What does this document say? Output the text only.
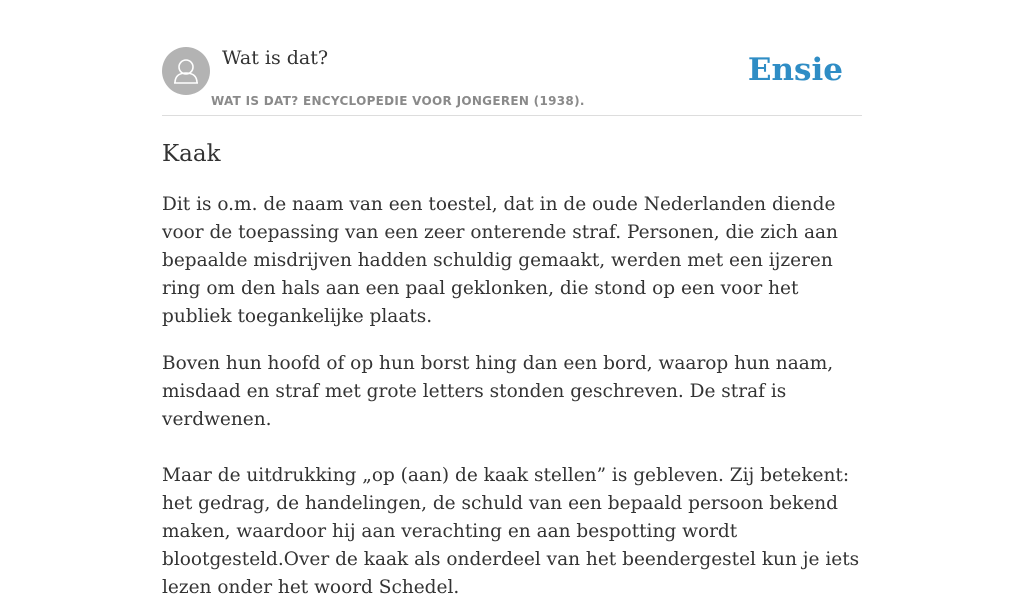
Wat is dat?
WAT IS DAT? ENCYCLOPEDIE VOOR JONGEREN (1938).
Ensie
Kaak

Dit is o.m. de naam van een toestel, dat in de oude Nederlanden diende voor de toepassing van een zeer onterende straf. Personen, die zich aan bepaalde misdrijven hadden schuldig gemaakt, werden met een ijzeren ring om den hals aan een paal geklonken, die stond op een voor het publiek toegankelijke plaats.

Boven hun hoofd of op hun borst hing dan een bord, waarop hun naam, misdaad en straf met grote letters stonden geschreven. De straf is verdwenen.

Maar de uitdrukking „op (aan) de kaak stellen” is gebleven. Zij betekent: het gedrag, de handelingen, de schuld van een bepaald persoon bekend maken, waardoor hij aan verachting en aan bespotting wordt blootgesteld.Over de kaak als onderdeel van het beendergestel kun je iets lezen onder het woord Schedel.
